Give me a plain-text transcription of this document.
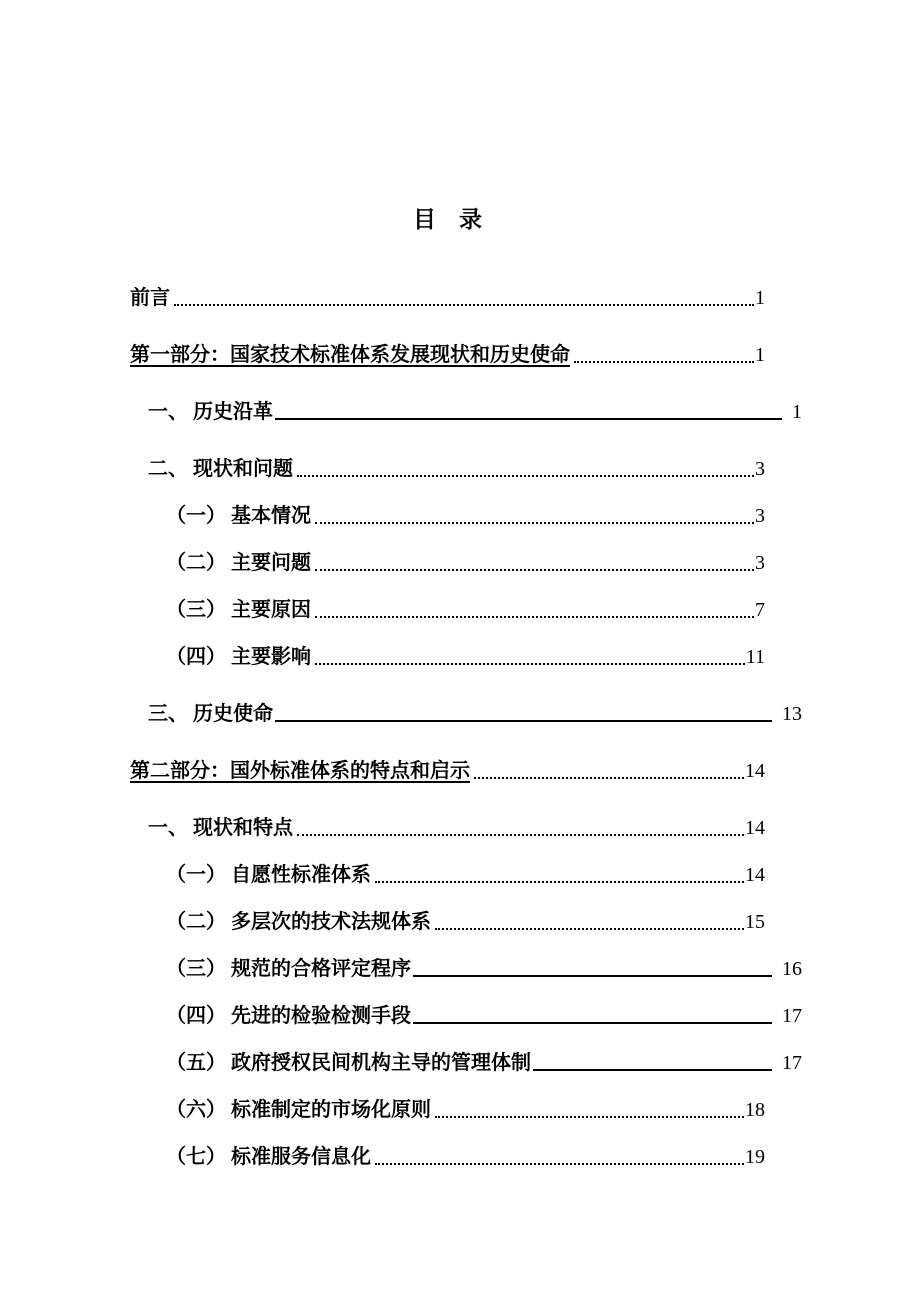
目　录
前言	1
第一部分：国家技术标准体系发展现状和历史使命	1
一、 历史沿革	1
二、 现状和问题	3
（一） 基本情况	3
（二） 主要问题	3
（三） 主要原因	7
（四） 主要影响	11
三、 历史使命	13
第二部分：国外标准体系的特点和启示	14
一、 现状和特点	14
（一） 自愿性标准体系	14
（二） 多层次的技术法规体系	15
（三） 规范的合格评定程序	16
（四） 先进的检验检测手段	17
（五） 政府授权民间机构主导的管理体制	17
（六） 标准制定的市场化原则	18
（七） 标准服务信息化	19
